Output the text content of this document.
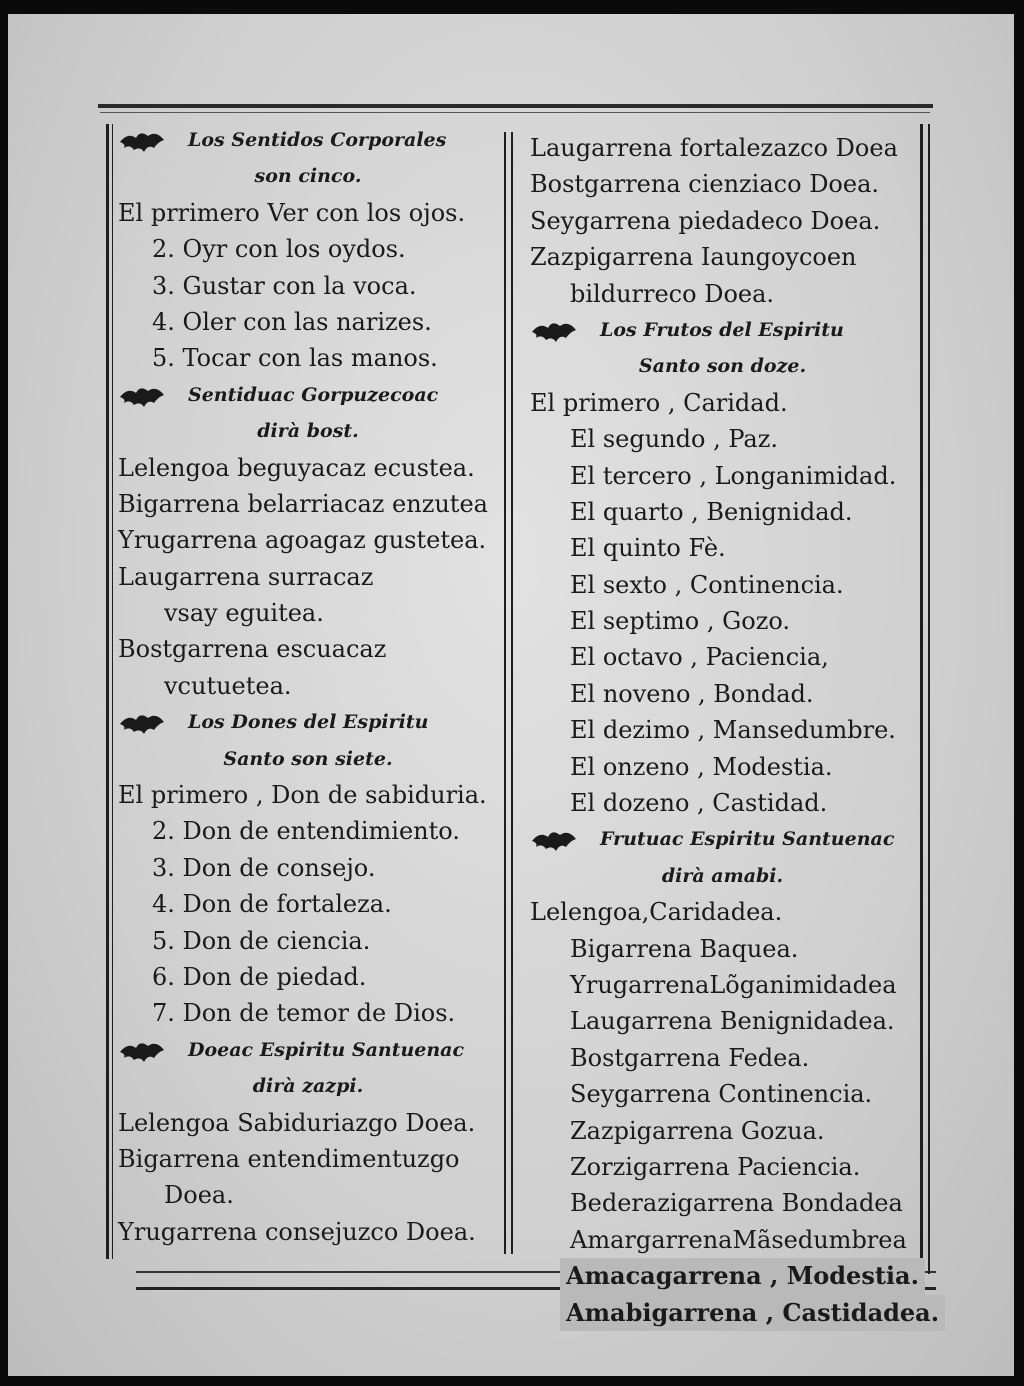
Los Sentidos Corporales
son cinco.
El prrimero Ver con los ojos.
2. Oyr con los oydos.
3. Gustar con la voca.
4. Oler con las narizes.
5. Tocar con las manos.
Sentiduac Gorpuzecoac
dirà bost.
Lelengoa beguyacaz ecustea.
Bigarrena belarriacaz enzutea
Yrugarrena agoagaz gustetea.
Laugarrena surracaz
vsay eguitea.
Bostgarrena escuacaz
vcutuetea.
Los Dones del Espiritu
Santo son siete.
El primero , Don de sabiduria.
2. Don de entendimiento.
3. Don de consejo.
4. Don de fortaleza.
5. Don de ciencia.
6. Don de piedad.
7. Don de temor de Dios.
Doeac Espiritu Santuenac
dirà zazpi.
Lelengoa Sabiduriazgo Doea.
Bigarrena entendimentuzgo
Doea.
Yrugarrena consejuzco Doea.
Laugarrena fortalezazco Doea
Bostgarrena cienziaco Doea.
Seygarrena piedadeco Doea.
Zazpigarrena Iaungoycoen
bildurreco Doea.
Los Frutos del Espiritu
Santo son doze.
El primero , Caridad.
El segundo , Paz.
El tercero , Longanimidad.
El quarto , Benignidad.
El quinto Fè.
El sexto , Continencia.
El septimo , Gozo.
El octavo , Paciencia,
El noveno , Bondad.
El dezimo , Mansedumbre.
El onzeno , Modestia.
El dozeno , Castidad.
Frutuac Espiritu Santuenac
dirà amabi.
Lelengoa,Caridadea.
Bigarrena Baquea.
YrugarrenaLõganimidadea
Laugarrena Benignidadea.
Bostgarrena Fedea.
Seygarrena Continencia.
Zazpigarrena Gozua.
Zorzigarrena Paciencia.
Bederazigarrena Bondadea
AmargarrenaMãsedumbrea
Amacagarrena , Modestia.
Amabigarrena , Castidadea.
